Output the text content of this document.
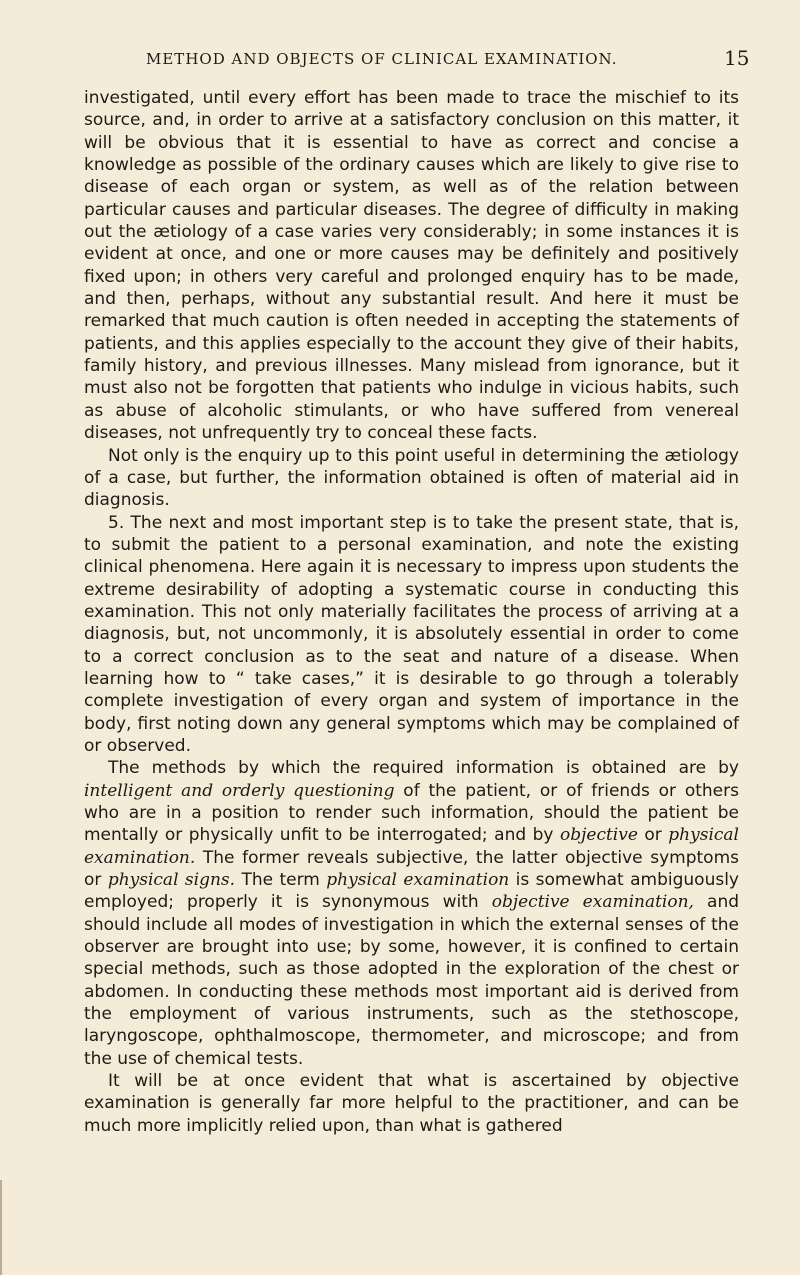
METHOD AND OBJECTS OF CLINICAL EXAMINATION.	15

investigated, until every effort has been made to trace the mischief to its source, and, in order to arrive at a satisfactory conclusion on this matter, it will be obvious that it is essential to have as correct and concise a knowledge as possible of the ordinary causes which are likely to give rise to disease of each organ or system, as well as of the relation between particular causes and particular diseases. The degree of difficulty in making out the ætiology of a case varies very considerably; in some instances it is evident at once, and one or more causes may be definitely and positively fixed upon; in others very careful and prolonged enquiry has to be made, and then, perhaps, without any substantial result. And here it must be remarked that much caution is often needed in accepting the statements of patients, and this applies especially to the account they give of their habits, family history, and previous illnesses. Many mislead from ignorance, but it must also not be forgotten that patients who indulge in vicious habits, such as abuse of alcoholic stimulants, or who have suffered from venereal diseases, not unfrequently try to conceal these facts.

Not only is the enquiry up to this point useful in determining the ætiology of a case, but further, the information obtained is often of material aid in diagnosis.

5. The next and most important step is to take the present state, that is, to submit the patient to a personal examination, and note the existing clinical phenomena. Here again it is necessary to impress upon students the extreme desirability of adopting a systematic course in conducting this examination. This not only materially facilitates the process of arriving at a diagnosis, but, not uncommonly, it is absolutely essential in order to come to a correct conclusion as to the seat and nature of a disease. When learning how to “ take cases,” it is desirable to go through a tolerably complete investigation of every organ and system of importance in the body, first noting down any general symptoms which may be complained of or observed.

The methods by which the required information is obtained are by intelligent and orderly questioning of the patient, or of friends or others who are in a position to render such information, should the patient be mentally or physically unfit to be interrogated; and by objective or physical examination. The former reveals subjective, the latter objective symptoms or physical signs. The term physical examination is somewhat ambiguously employed; properly it is synonymous with objective examination, and should include all modes of investigation in which the external senses of the observer are brought into use; by some, however, it is confined to certain special methods, such as those adopted in the exploration of the chest or abdomen. In conducting these methods most important aid is derived from the employment of various instruments, such as the stethoscope, laryngoscope, ophthalmoscope, thermometer, and microscope; and from the use of chemical tests.

It will be at once evident that what is ascertained by objective examination is generally far more helpful to the practitioner, and can be much more implicitly relied upon, than what is gathered
